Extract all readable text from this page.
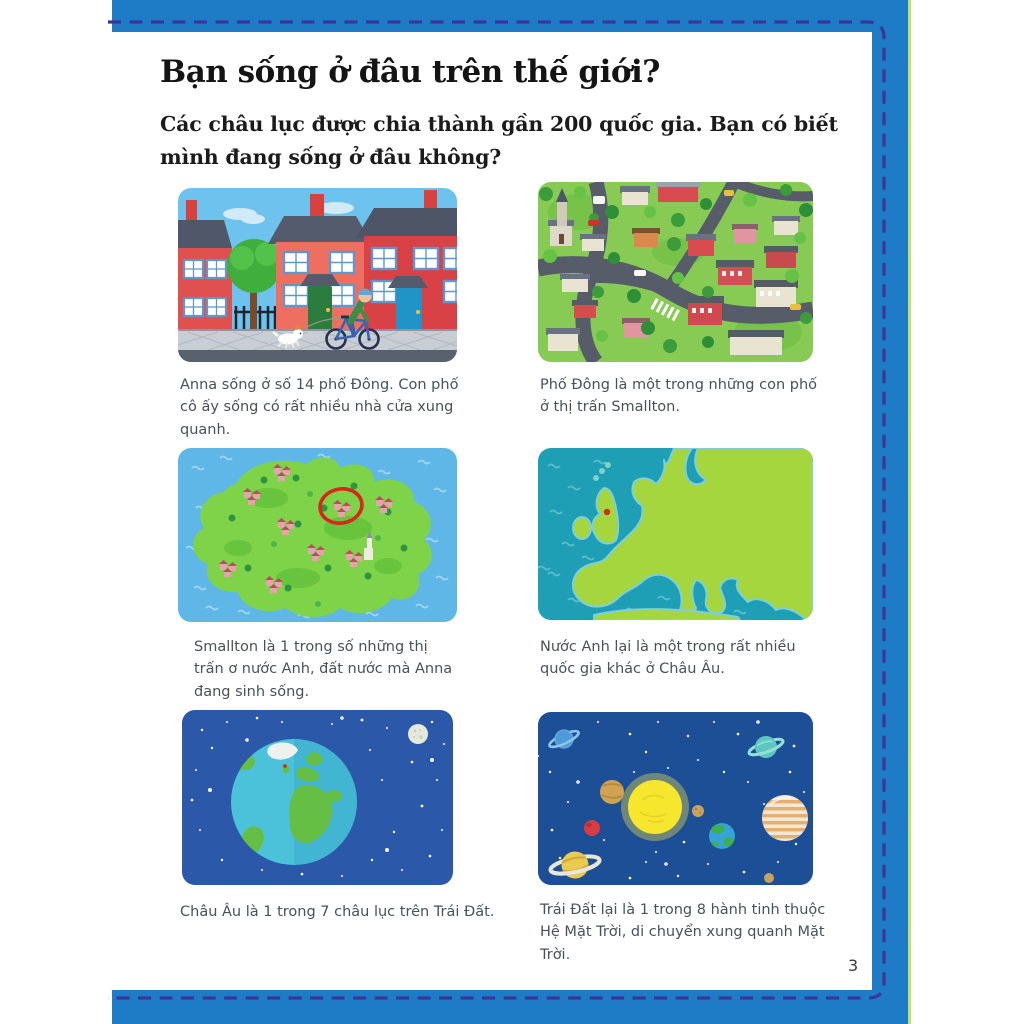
Bạn sống ở đâu trên thế giới?

Các châu lục được chia thành gần 200 quốc gia. Bạn có biết mình đang sống ở đâu không?

Anna sống ở số 14 phố Đông. Con phố cô ấy sống có rất nhiều nhà cửa xung quanh.

Phố Đông là một trong những con phố ở thị trấn Smallton.

Smallton là 1 trong số những thị trấn ơ nước Anh, đất nước mà Anna đang sinh sống.

Nước Anh lại là một trong rất nhiều quốc gia khác ở Châu Âu.

Châu Âu là 1 trong 7 châu lục trên Trái Đất.	Trái Đất lại là 1 trong 8 hành tinh thuộc Hệ Mặt Trời, di chuyển xung quanh Mặt Trời.

3
